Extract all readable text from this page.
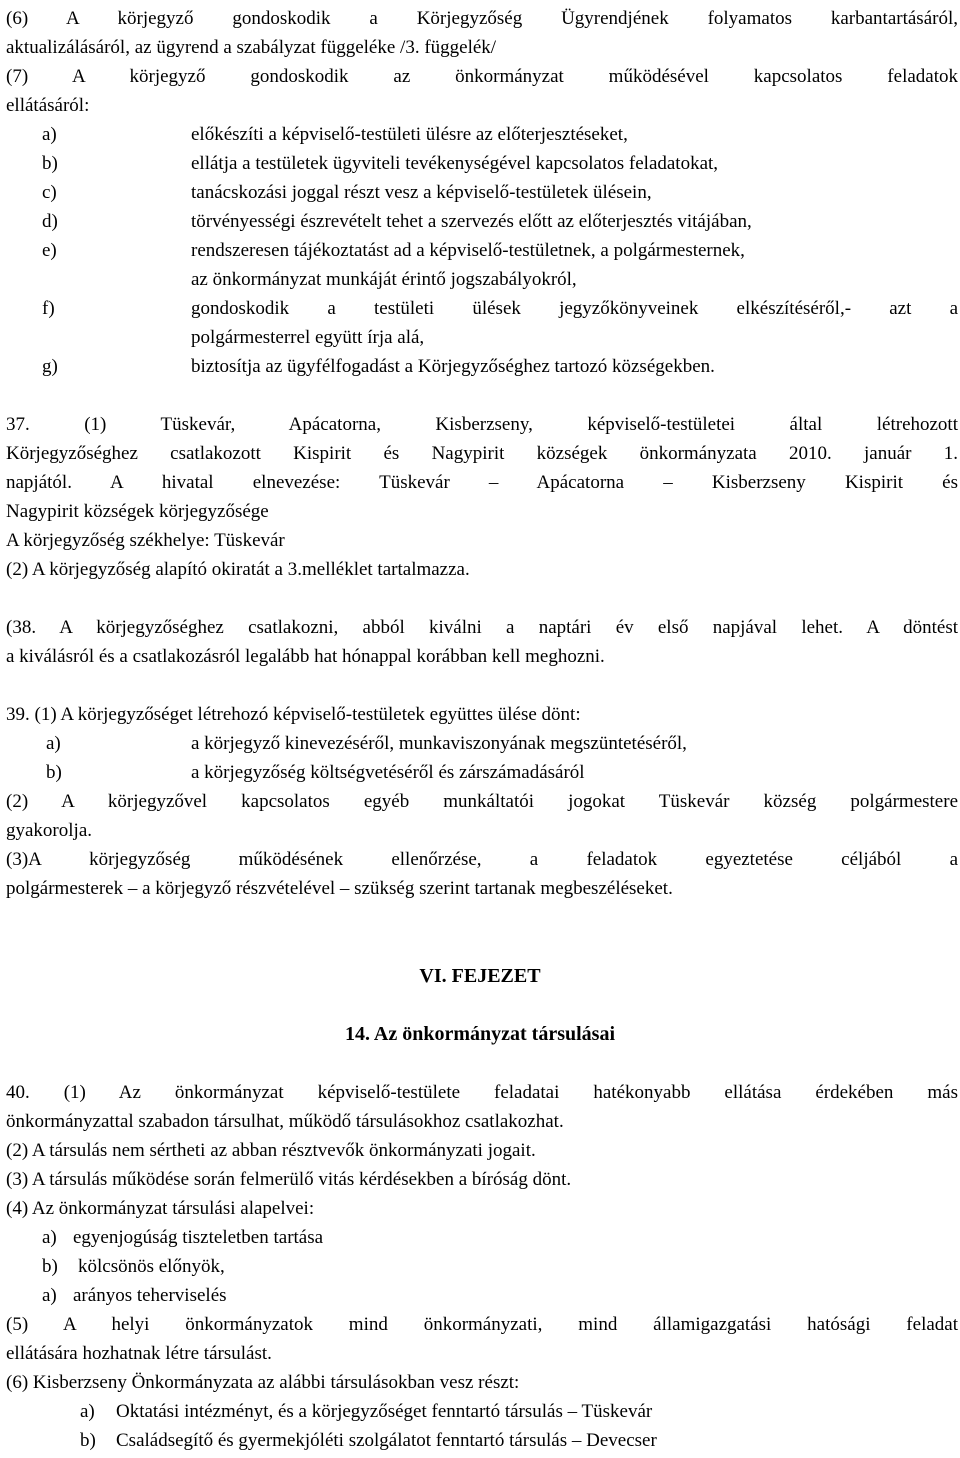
(6) A körjegyző gondoskodik a Körjegyzőség Ügyrendjének folyamatos karbantartásáról,
aktualizálásáról, az ügyrend a szabályzat függeléke /3. függelék/
(7) A körjegyző gondoskodik az önkormányzat működésével kapcsolatos feladatok
ellátásáról:
a)	előkészíti a képviselő-testületi ülésre az előterjesztéseket,
b)	ellátja a testületek ügyviteli tevékenységével kapcsolatos feladatokat,
c)	tanácskozási joggal részt vesz a képviselő-testületek ülésein,
d)	törvényességi észrevételt tehet a szervezés előtt az előterjesztés vitájában,
e)	rendszeresen tájékoztatást ad a képviselő-testületnek, a polgármesternek,
az önkormányzat munkáját érintő jogszabályokról,
f)	gondoskodik a testületi ülések jegyzőkönyveinek elkészítéséről,- azt a
polgármesterrel együtt írja alá,
g)	biztosítja az ügyfélfogadást a Körjegyzőséghez tartozó községekben.
37. (1) Tüskevár, Apácatorna, Kisberzseny, képviselő-testületei által létrehozott
Körjegyzőséghez csatlakozott Kispirit és Nagypirit községek önkormányzata 2010. január 1.
napjától. A hivatal elnevezése: Tüskevár – Apácatorna – Kisberzseny Kispirit és
Nagypirit községek körjegyzősége
A körjegyzőség székhelye: Tüskevár
(2) A körjegyzőség alapító okiratát a 3.melléklet tartalmazza.
(38. A körjegyzőséghez csatlakozni, abból kiválni a naptári év első napjával lehet. A döntést
a kiválásról és a csatlakozásról legalább hat hónappal korábban kell meghozni.
39. (1) A körjegyzőséget létrehozó képviselő-testületek együttes ülése dönt:
a)	a körjegyző kinevezéséről, munkaviszonyának megszüntetéséről,
b)	a körjegyzőség költségvetéséről és zárszámadásáról
(2) A körjegyzővel kapcsolatos egyéb munkáltatói jogokat Tüskevár község polgármestere
gyakorolja.
(3)A körjegyzőség működésének ellenőrzése, a feladatok egyeztetése céljából a
polgármesterek – a körjegyző részvételével – szükség szerint tartanak megbeszéléseket.
VI. FEJEZET
14. Az önkormányzat társulásai
40. (1) Az önkormányzat képviselő-testülete feladatai hatékonyabb ellátása érdekében más
önkormányzattal szabadon társulhat, működő társulásokhoz csatlakozhat.
(2) A társulás nem sértheti az abban résztvevők önkormányzati jogait.
(3) A társulás működése során felmerülő vitás kérdésekben a bíróság dönt.
(4) Az önkormányzat társulási alapelvei:
a) egyenjogúság tiszteletben tartása
b) kölcsönös előnyök,
a) arányos teherviselés
(5) A helyi önkormányzatok mind önkormányzati, mind államigazgatási hatósági feladat
ellátására hozhatnak létre társulást.
(6) Kisberzseny Önkormányzata az alábbi társulásokban vesz részt:
a) Oktatási intézményt, és a körjegyzőséget fenntartó társulás – Tüskevár
b) Családsegítő és gyermekjóléti szolgálatot fenntartó társulás – Devecser
